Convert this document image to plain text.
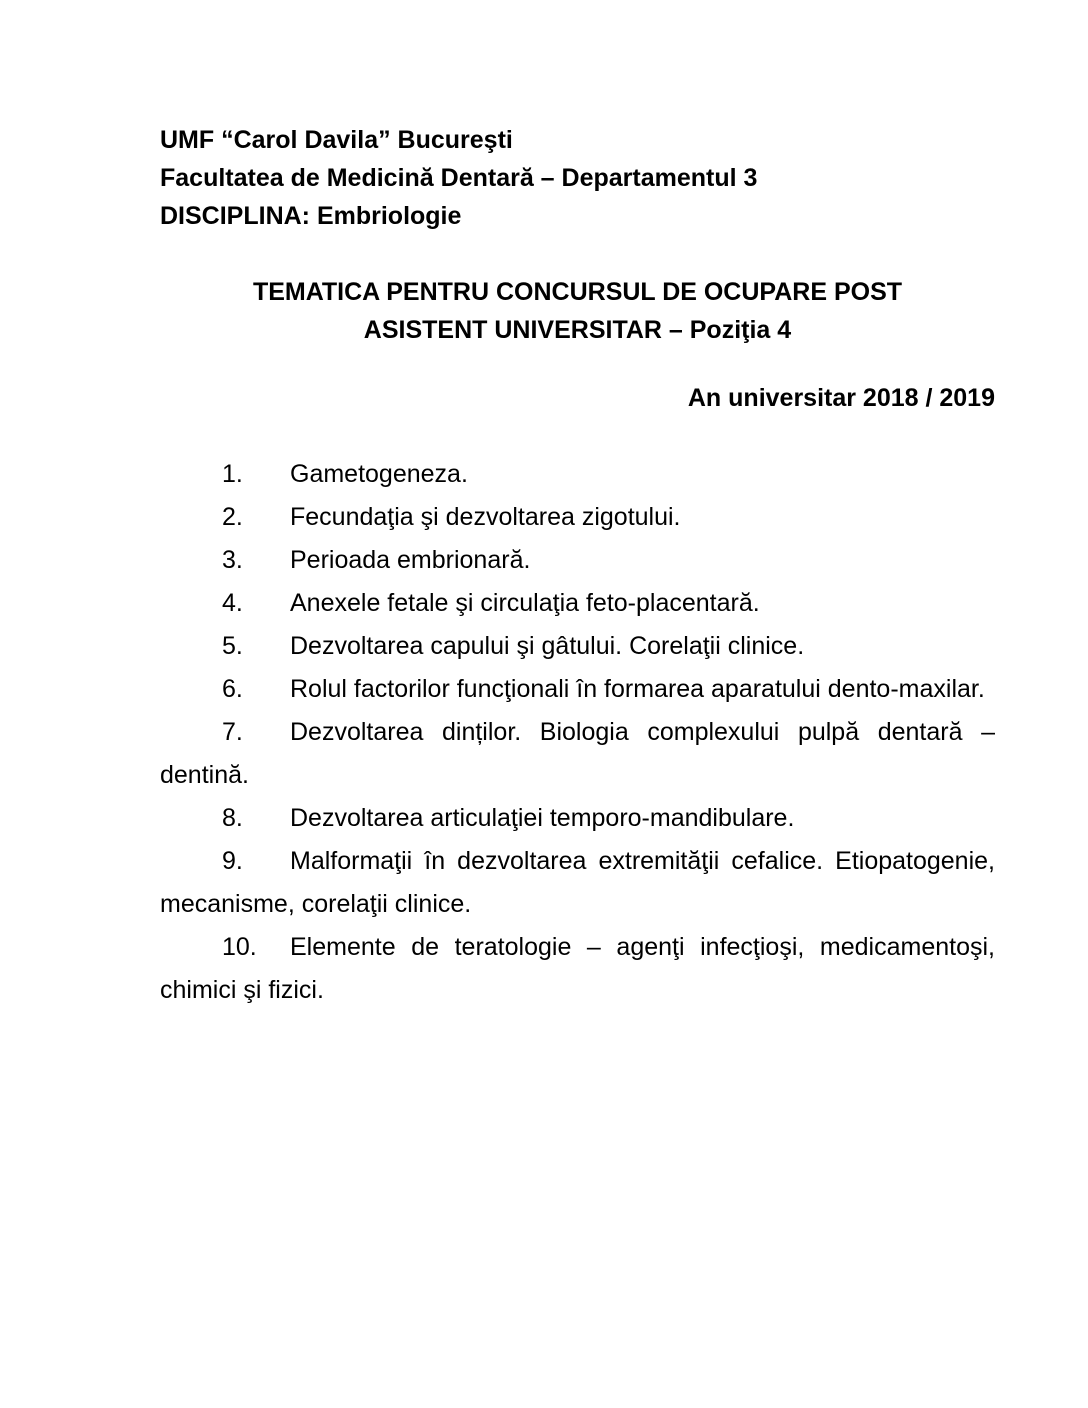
UMF “Carol Davila” Bucureşti

Facultatea de Medicină Dentară – Departamentul 3

DISCIPLINA: Embriologie

TEMATICA PENTRU CONCURSUL DE OCUPARE POST

ASISTENT UNIVERSITAR – Poziţia 4

An universitar 2018 / 2019

1. Gametogeneza.
2. Fecundaţia şi dezvoltarea zigotului.
3. Perioada embrionară.
4. Anexele fetale şi circulaţia feto-placentară.
5. Dezvoltarea capului şi gâtului. Corelaţii clinice.
6. Rolul factorilor funcţionali în formarea aparatului dento-maxilar.
7. Dezvoltarea dinților. Biologia complexului pulpă dentară –
dentină.
8. Dezvoltarea articulaţiei temporo-mandibulare.
9. Malformaţii în dezvoltarea extremităţii cefalice. Etiopatogenie,
mecanisme, corelaţii clinice.
10. Elemente de teratologie – agenţi infecţioşi, medicamentoşi,
chimici şi fizici.
